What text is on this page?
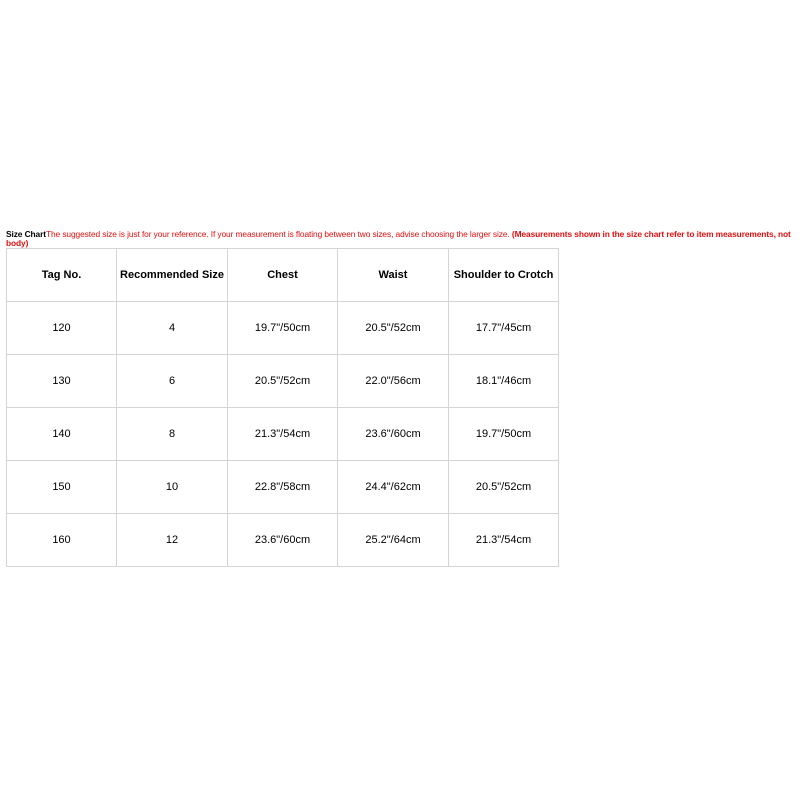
Size ChartThe suggested size is just for your reference. If your measurement is floating between two sizes, advise choosing the larger size. (Measurements shown in the size chart refer to item measurements, not body)
Tag No.	Recommended Size	Chest	Waist	Shoulder to Crotch
120	4	19.7"/50cm	20.5"/52cm	17.7"/45cm
130	6	20.5"/52cm	22.0"/56cm	18.1"/46cm
140	8	21.3"/54cm	23.6"/60cm	19.7"/50cm
150	10	22.8"/58cm	24.4"/62cm	20.5"/52cm
160	12	23.6"/60cm	25.2"/64cm	21.3"/54cm
